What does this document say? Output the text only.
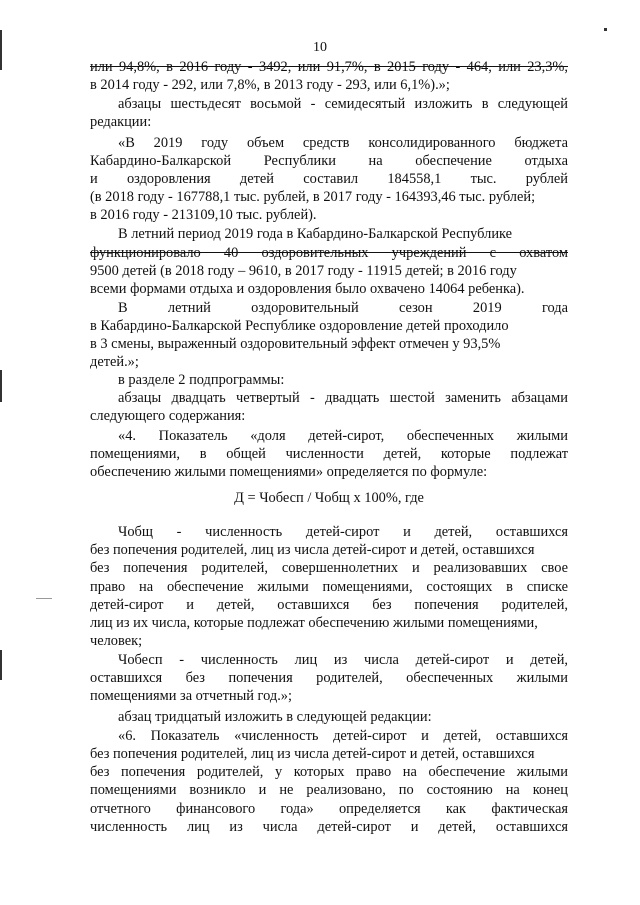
10
или 94,8%, в 2016 году - 3492, или 91,7%, в 2015 году - 464, или 23,3%,
в 2014 году - 292, или 7,8%, в 2013 году - 293, или 6,1%).»;
абзацы шестьдесят восьмой - семидесятый изложить в следующей
редакции:
«В 2019 году объем средств консолидированного бюджета
Кабардино-Балкарской Республики на обеспечение отдыха
и оздоровления детей составил 184558,1 тыс. рублей
(в 2018 году - 167788,1 тыс. рублей, в 2017 году - 164393,46 тыс. рублей;
в 2016 году - 213109,10 тыс. рублей).
В летний период 2019 года в Кабардино-Балкарской Республике
функционировало 40 оздоровительных учреждений с охватом
9500 детей (в 2018 году – 9610, в 2017 году - 11915 детей; в 2016 году
всеми формами отдыха и оздоровления было охвачено 14064 ребенка).
В летний оздоровительный сезон 2019 года
в Кабардино-Балкарской Республике оздоровление детей проходило
в 3 смены, выраженный оздоровительный эффект отмечен у 93,5%
детей.»;
в разделе 2 подпрограммы:
абзацы двадцать четвертый - двадцать шестой заменить абзацами
следующего содержания:
«4. Показатель «доля детей-сирот, обеспеченных жилыми
помещениями, в общей численности детей, которые подлежат
обеспечению жилыми помещениями» определяется по формуле:
Д = Чобесп / Чобщ x 100%, где
Чобщ - численность детей-сирот и детей, оставшихся
без попечения родителей, лиц из числа детей-сирот и детей, оставшихся
без попечения родителей, совершеннолетних и реализовавших свое
право на обеспечение жилыми помещениями, состоящих в списке
детей-сирот и детей, оставшихся без попечения родителей,
лиц из их числа, которые подлежат обеспечению жилыми помещениями,
человек;
Чобесп - численность лиц из числа детей-сирот и детей,
оставшихся без попечения родителей, обеспеченных жилыми
помещениями за отчетный год.»;
абзац тридцатый изложить в следующей редакции:
«6. Показатель «численность детей-сирот и детей, оставшихся
без попечения родителей, лиц из числа детей-сирот и детей, оставшихся
без попечения родителей, у которых право на обеспечение жилыми
помещениями возникло и не реализовано, по состоянию на конец
отчетного финансового года» определяется как фактическая
численность лиц из числа детей-сирот и детей, оставшихся
